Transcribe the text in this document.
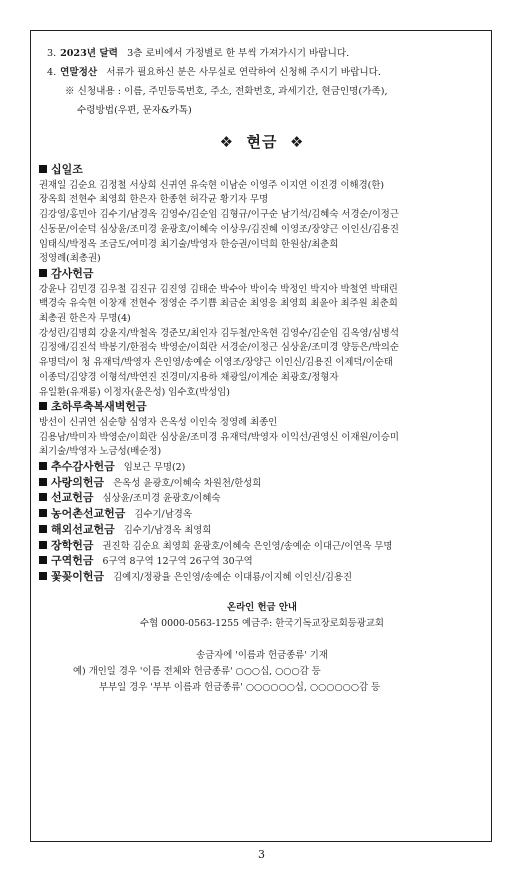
3. 2023년 달력 3층 로비에서 가정별로 한 부씩 가져가시기 바랍니다.
4. 연말정산 서류가 필요하신 분은 사무실로 연락하여 신청해 주시기 바랍니다.
※ 신청내용 : 이름, 주민등록번호, 주소, 전화번호, 과세기간, 현금인명(가족),
수령방법(우편, 문자&카톡)
❖ 현금 ❖
십일조
권재일 김순요 김정철 서상희 신귀연 유숙현 이남순 이영주 이지연 이진경 이해경(한)
장옥희 전현수 최영희 한은자 한종현 허각균 황기자 무명
김강영/홍민아 김수기/남경옥 김영수/김순임 김형규/이구순 남기석/김혜숙 서경순/이정근
신동문/이순덕 심상윤/조미경 윤광호/이혜숙 이상우/김진혜 이영조/장양근 이인신/김용진
임태식/박정옥 조금도/여미경 최기술/박영자 한승권/이덕희 한원삼/최춘희
정영례(최총권)
감사헌금
강윤나 김민경 김우철 김진규 김진영 김태순 박수아 박이숙 박정인 박지아 박철연 박태린
백경숙 유숙현 이창재 전현수 정영순 주기쁨 최금순 최영응 최영희 최윤아 최주원 최춘희
최총권 한은자 무명(4)
강성린/김명희 강윤지/박철옥 경준모/최인자 김두철/안옥현 김영수/김순임 김옥영/심병석
김정애/김진석 박봉기/한점숙 박영순/이희란 서경순/이정근 심상윤/조미경 양등은/박의순
유명덕/이 청 유재덕/박영자 은인영/송예순 이영조/장양근 이인신/김용진 이제덕/이순태
이종덕/김양경 이형석/박연진 진경미/지용하 채광일/이계순 최광호/정형자
유일환(유재룡) 이정자(윤은성) 임수호(박성임)
초하루축복새벽헌금
방선이 신귀연 심순향 심영자 은옥성 이인숙 정영례 최종인
김용남/박미자 박영순/이희란 심상윤/조미경 유재덕/박영자 이익선/권영신 이재원/이승미
최기술/박영자 노금성(배순정)
추수감사헌금 임보근 무명(2)
사랑의헌금 은옥성 윤광호/이혜숙 차원천/한성희
선교헌금 심상윤/조미경 윤광호/이혜숙
농어촌선교헌금 김수기/남경옥
해외선교헌금 김수기/남경옥 최영희
장학헌금 권진학 김순요 최영희 윤광호/이혜숙 은인영/송예순 이대근/이연옥 무명
구역헌금 6구역 8구역 12구역 26구역 30구역
꽃꽂이헌금 김예지/정광율 은인영/송예순 이대룡/이지혜 이인신/김용진
온라인 헌금 안내
수협 0000-0563-1255 예금주: 한국기독교장로회등광교회
송금자에 '이름과 헌금종류' 기재
예) 개인일 경우 '이름 전체와 헌금종류' ○○○십, ○○○감 등
부부일 경우 '부부 이름과 헌금종류' ○○○○○○십, ○○○○○○감 등
3
